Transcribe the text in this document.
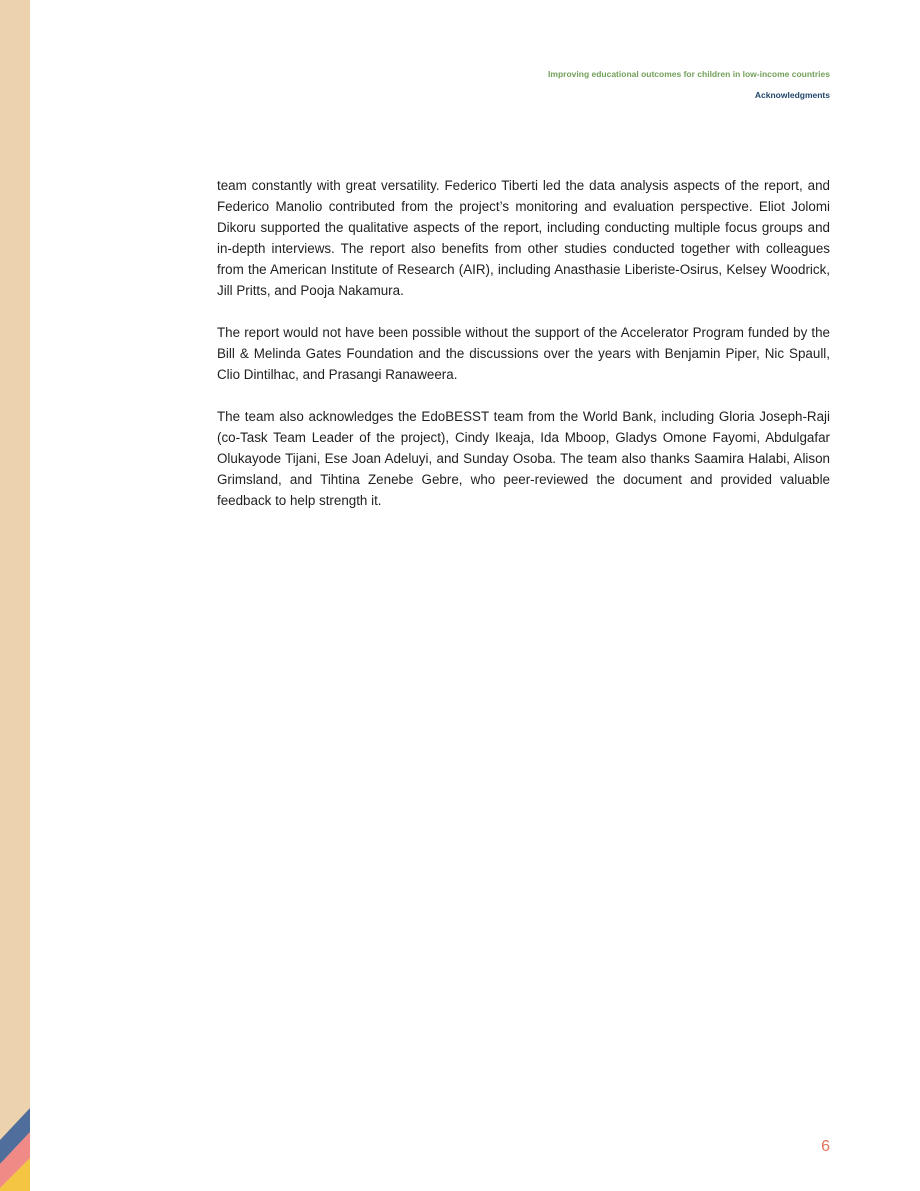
Improving educational outcomes for children in low-income countries
Acknowledgments

team constantly with great versatility. Federico Tiberti led the data analysis aspects of the report, and Federico Manolio contributed from the project’s monitoring and evaluation perspective. Eliot Jolomi Dikoru supported the qualitative aspects of the report, including conducting multiple focus groups and in-depth interviews. The report also benefits from other studies conducted together with colleagues from the American Institute of Research (AIR), including Anasthasie Liberiste-Osirus, Kelsey Woodrick, Jill Pritts, and Pooja Nakamura.

The report would not have been possible without the support of the Accelerator Program funded by the Bill & Melinda Gates Foundation and the discussions over the years with Benjamin Piper, Nic Spaull, Clio Dintilhac, and Prasangi Ranaweera.

The team also acknowledges the EdoBESST team from the World Bank, including Gloria Joseph-Raji (co-Task Team Leader of the project), Cindy Ikeaja, Ida Mboop, Gladys Omone Fayomi, Abdulgafar Olukayode Tijani, Ese Joan Adeluyi, and Sunday Osoba. The team also thanks Saamira Halabi, Alison Grimsland, and Tihtina Zenebe Gebre, who peer-reviewed the document and provided valuable feedback to help strength it.

6
